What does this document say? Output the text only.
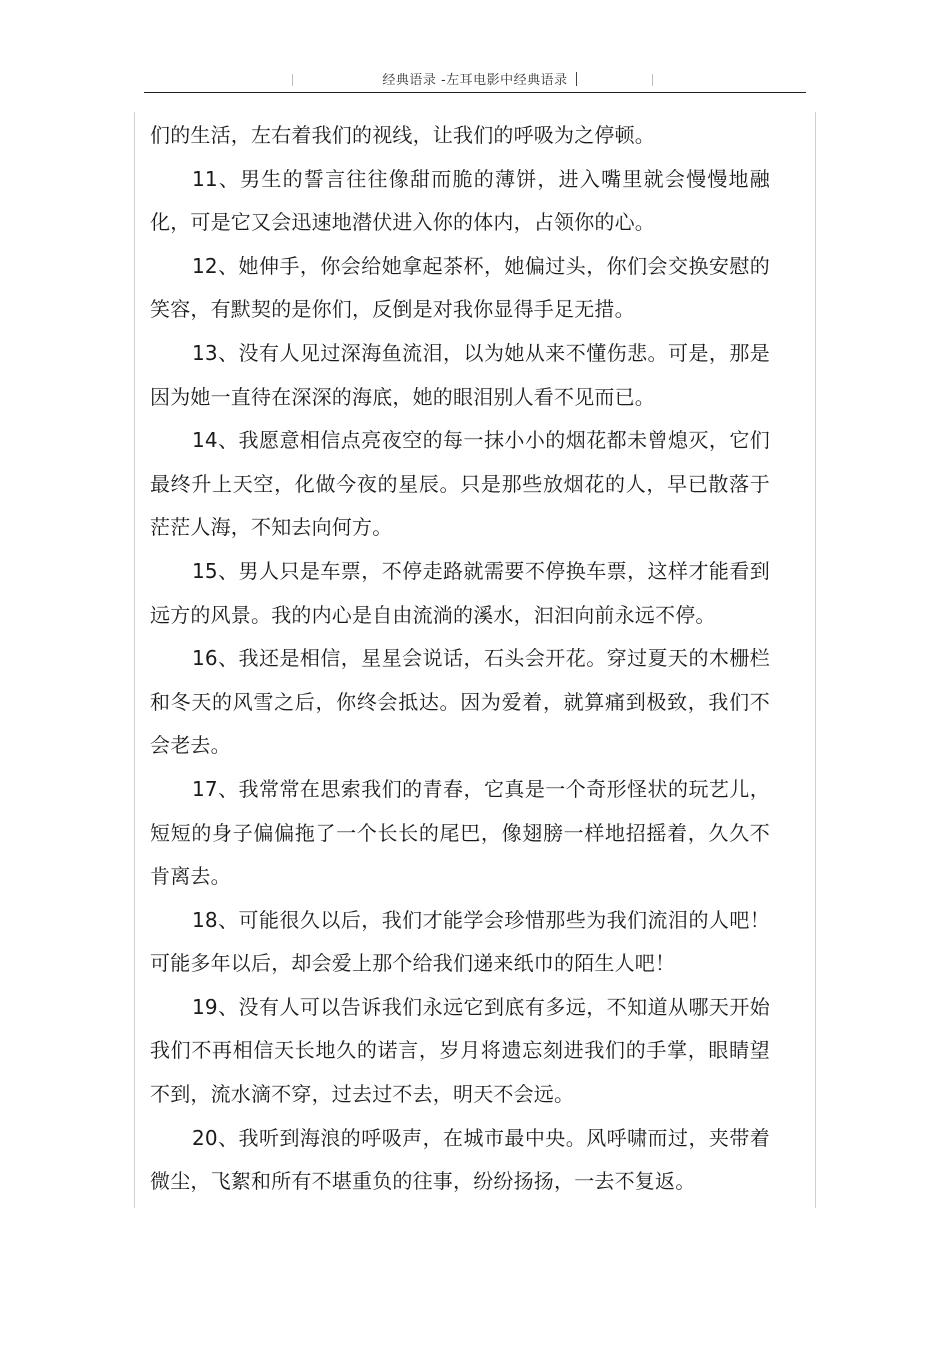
经典语录 -左耳电影中经典语录

们的生活，左右着我们的视线，让我们的呼吸为之停顿。

11、男生的誓言往往像甜而脆的薄饼，进入嘴里就会慢慢地融化，可是它又会迅速地潜伏进入你的体内，占领你的心。

12、她伸手，你会给她拿起茶杯，她偏过头，你们会交换安慰的笑容，有默契的是你们，反倒是对我你显得手足无措。

13、没有人见过深海鱼流泪，以为她从来不懂伤悲。可是，那是因为她一直待在深深的海底，她的眼泪别人看不见而已。

14、我愿意相信点亮夜空的每一抹小小的烟花都未曾熄灭，它们最终升上天空，化做今夜的星辰。只是那些放烟花的人，早已散落于茫茫人海，不知去向何方。

15、男人只是车票，不停走路就需要不停换车票，这样才能看到远方的风景。我的内心是自由流淌的溪水，汩汩向前永远不停。

16、我还是相信，星星会说话，石头会开花。穿过夏天的木栅栏和冬天的风雪之后，你终会抵达。因为爱着，就算痛到极致，我们不会老去。

17、我常常在思索我们的青春，它真是一个奇形怪状的玩艺儿，短短的身子偏偏拖了一个长长的尾巴，像翅膀一样地招摇着，久久不肯离去。

18、可能很久以后，我们才能学会珍惜那些为我们流泪的人吧！可能多年以后，却会爱上那个给我们递来纸巾的陌生人吧！

19、没有人可以告诉我们永远它到底有多远，不知道从哪天开始我们不再相信天长地久的诺言，岁月将遗忘刻进我们的手掌，眼睛望不到，流水滴不穿，过去过不去，明天不会远。

20、我听到海浪的呼吸声，在城市最中央。风呼啸而过，夹带着微尘，飞絮和所有不堪重负的往事，纷纷扬扬，一去不复返。
